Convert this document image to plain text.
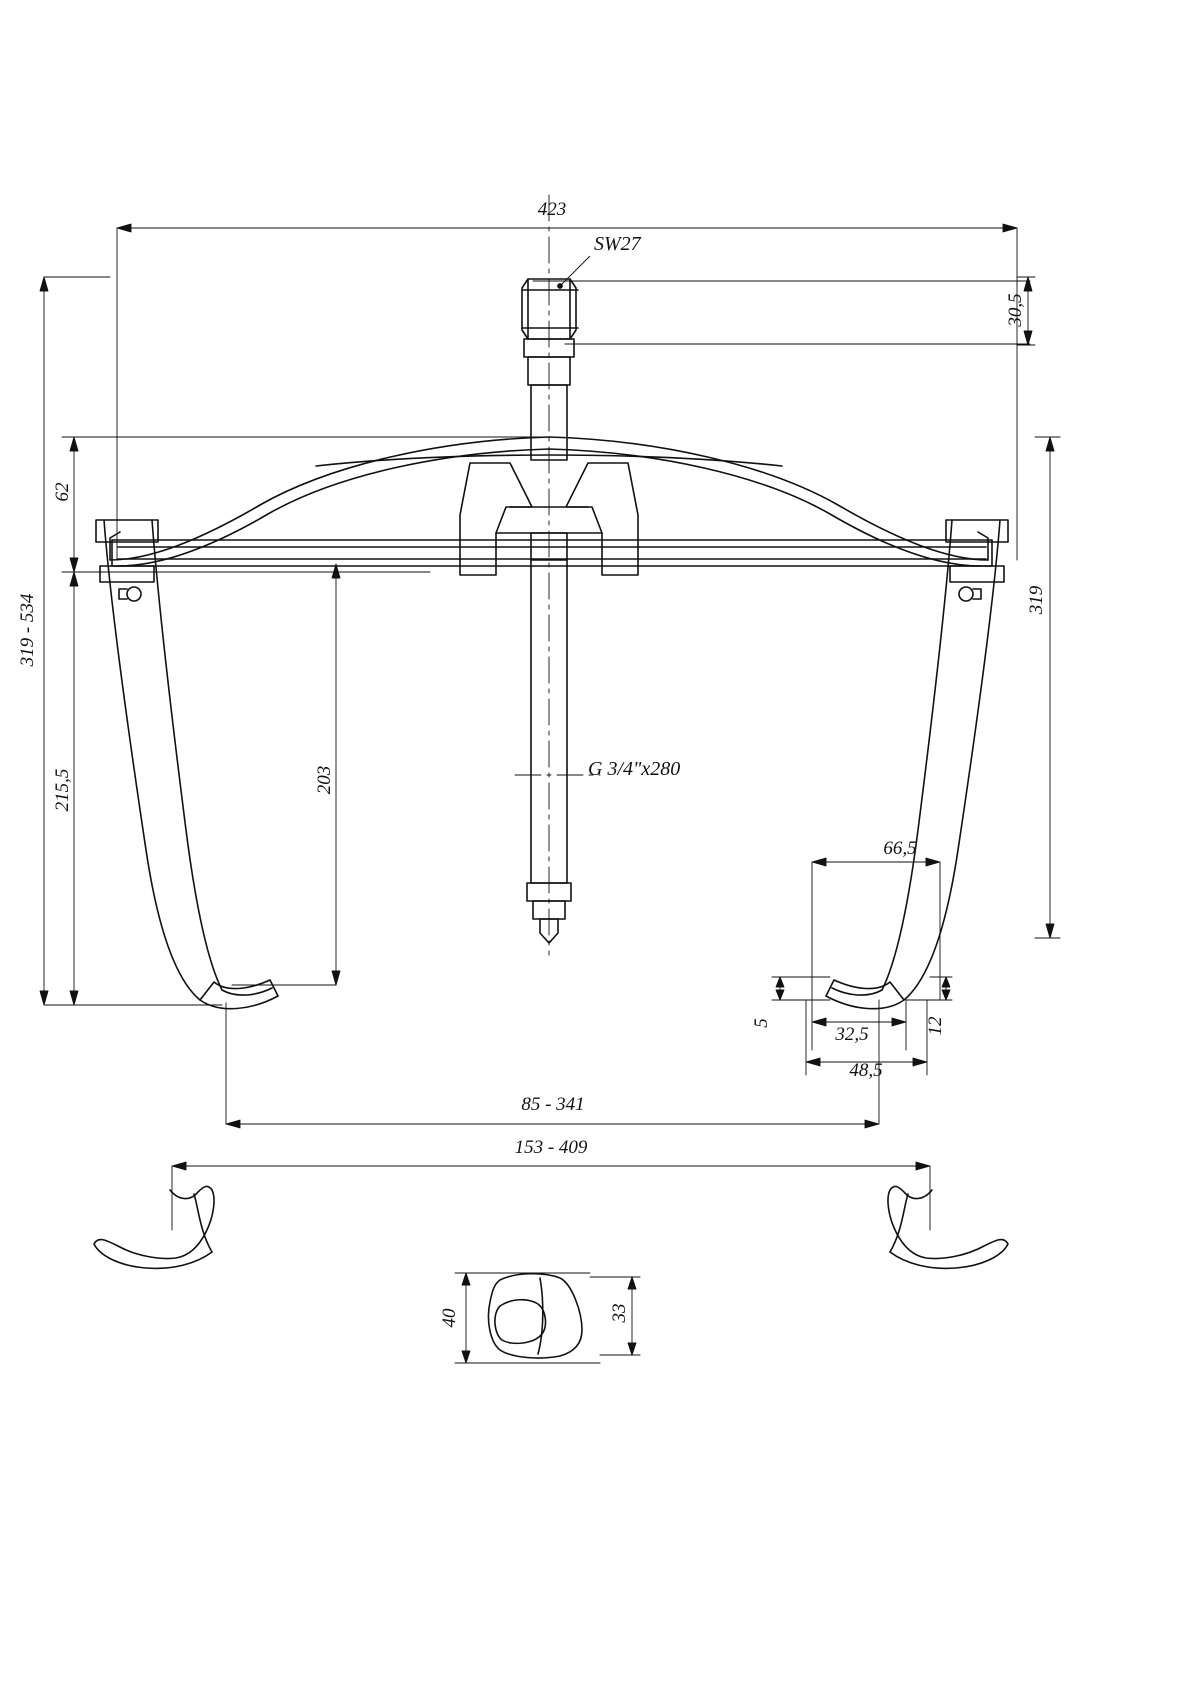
SW27
G 3/4"x280
423
30,5
62
319
319 - 534
215,5	203
66,5
5
32,5	12
48,5
85 - 341
153 - 409
40	33
